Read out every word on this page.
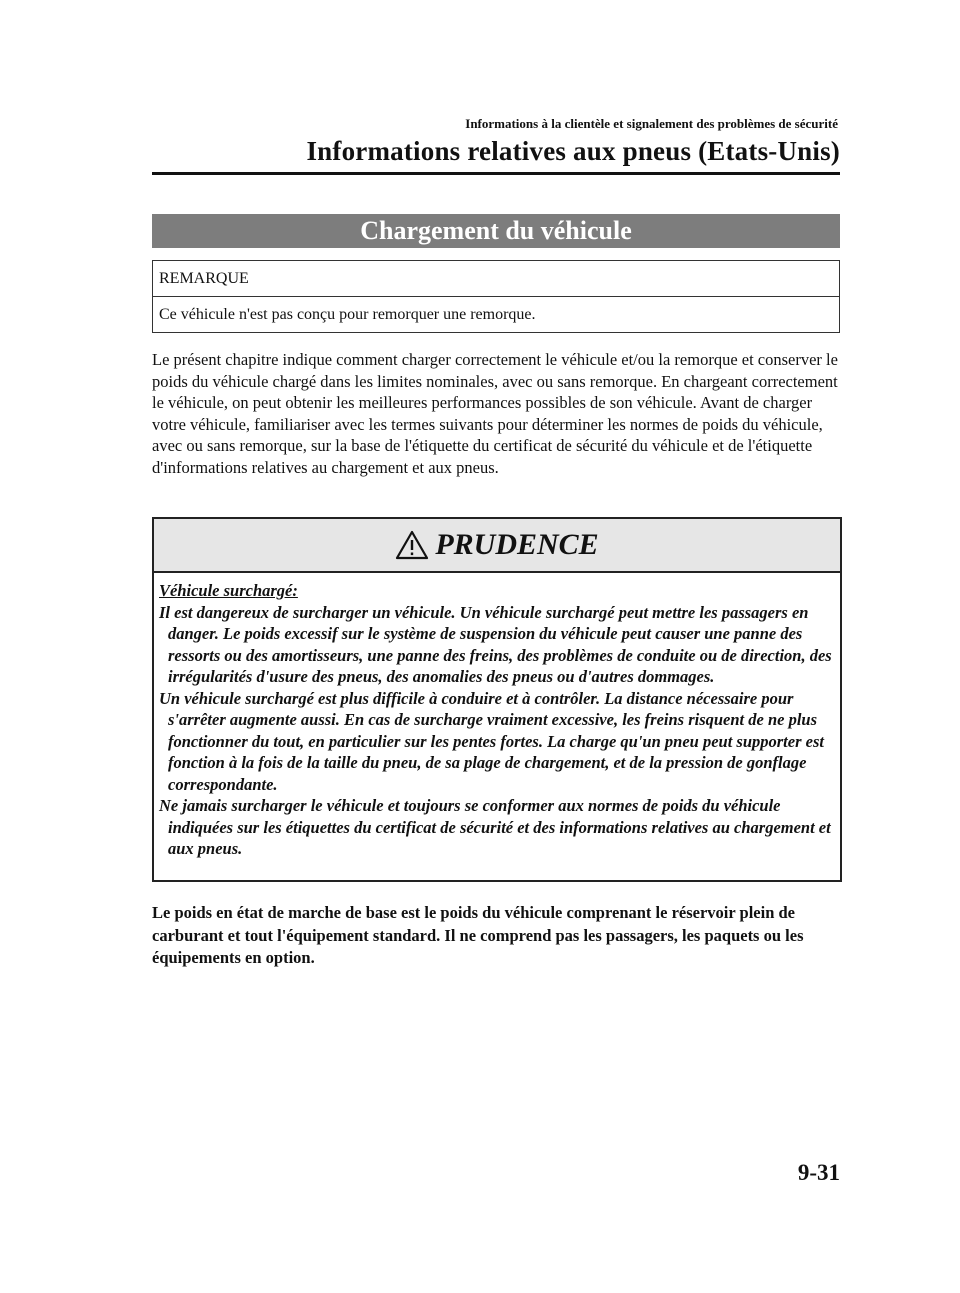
Informations à la clientèle et signalement des problèmes de sécurité
Informations relatives aux pneus (Etats-Unis)
Chargement du véhicule
REMARQUE
Ce véhicule n'est pas conçu pour remorquer une remorque.

Le présent chapitre indique comment charger correctement le véhicule et/ou la remorque et conserver le poids du véhicule chargé dans les limites nominales, avec ou sans remorque. En chargeant correctement le véhicule, on peut obtenir les meilleures performances possibles de son véhicule. Avant de charger votre véhicule, familiariser avec les termes suivants pour déterminer les normes de poids du véhicule, avec ou sans remorque, sur la base de l'étiquette du certificat de sécurité du véhicule et de l'étiquette d'informations relatives au chargement et aux pneus.

PRUDENCE

Véhicule surchargé:

Il est dangereux de surcharger un véhicule. Un véhicule surchargé peut mettre les passagers en danger. Le poids excessif sur le système de suspension du véhicule peut causer une panne des ressorts ou des amortisseurs, une panne des freins, des problèmes de conduite ou de direction, des irrégularités d'usure des pneus, des anomalies des pneus ou d'autres dommages.

Un véhicule surchargé est plus difficile à conduire et à contrôler. La distance nécessaire pour s'arrêter augmente aussi. En cas de surcharge vraiment excessive, les freins risquent de ne plus fonctionner du tout, en particulier sur les pentes fortes. La charge qu'un pneu peut supporter est fonction à la fois de la taille du pneu, de sa plage de chargement, et de la pression de gonflage correspondante.

Ne jamais surcharger le véhicule et toujours se conformer aux normes de poids du véhicule indiquées sur les étiquettes du certificat de sécurité et des informations relatives au chargement et aux pneus.

Le poids en état de marche de base est le poids du véhicule comprenant le réservoir plein de carburant et tout l'équipement standard. Il ne comprend pas les passagers, les paquets ou les équipements en option.

9-31
